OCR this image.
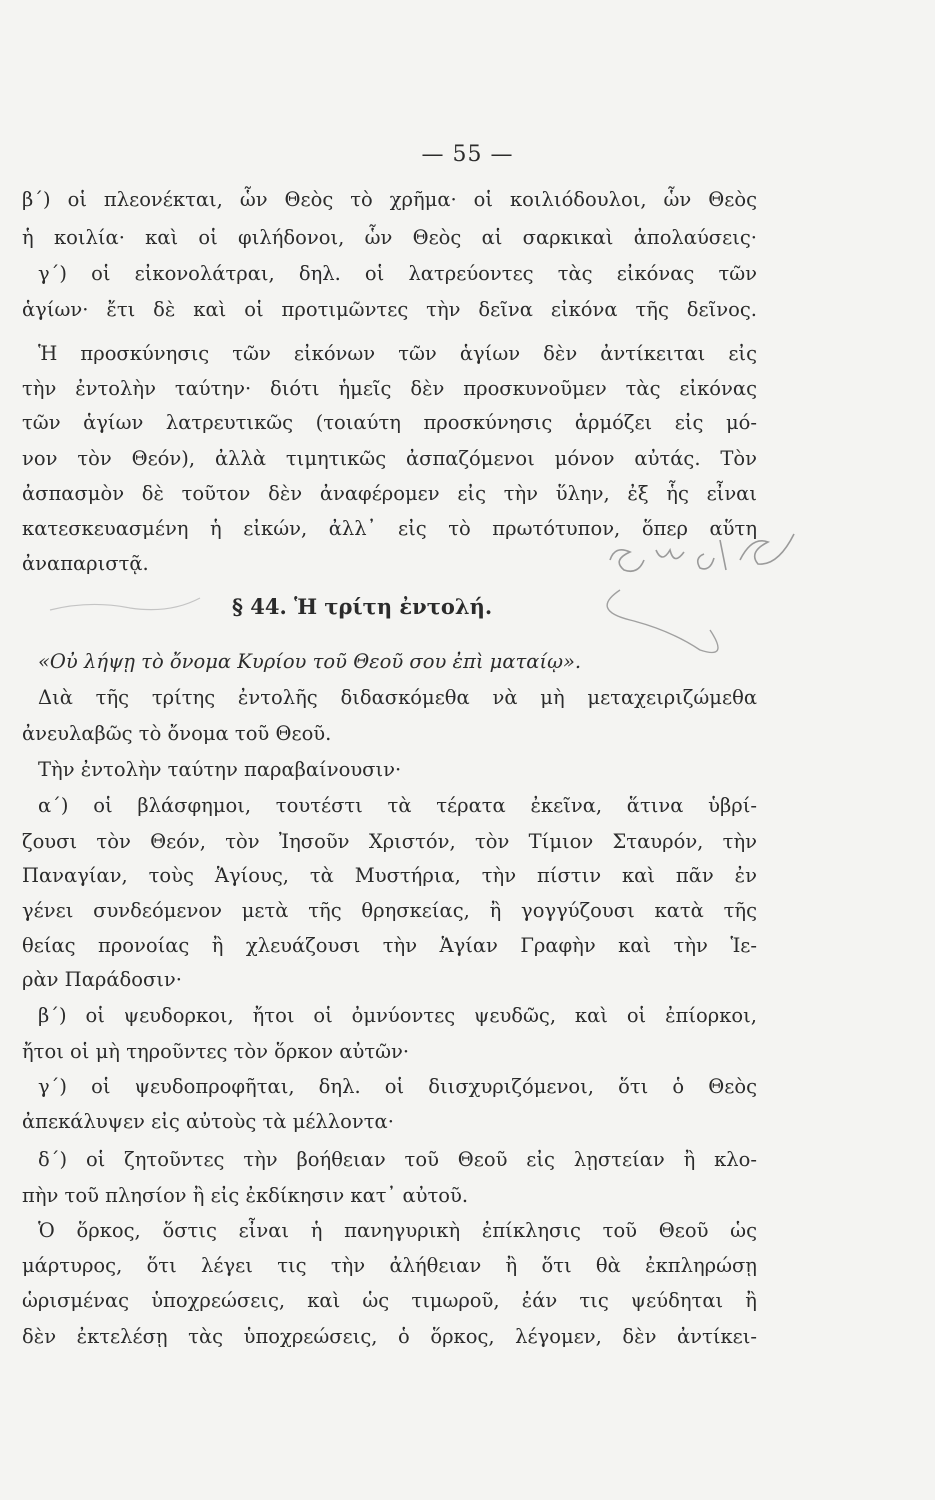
— 55 —
β΄) οἱ πλεονέκται, ὧν Θεὸς τὸ χρῆμα· οἱ κοιλιόδουλοι, ὧν Θεὸς
ἡ κοιλία· καὶ οἱ φιλήδονοι, ὧν Θεὸς αἱ σαρκικαὶ ἀπολαύσεις·
γ΄) οἱ εἰκονολάτραι, δηλ. οἱ λατρεύοντες τὰς εἰκόνας τῶν
ἁγίων· ἔτι δὲ καὶ οἱ προτιμῶντες τὴν δεῖνα εἰκόνα τῆς δεῖνος.
Ἡ προσκύνησις τῶν εἰκόνων τῶν ἁγίων δὲν ἀντίκειται εἰς
τὴν ἐντολὴν ταύτην· διότι ἡμεῖς δὲν προσκυνοῦμεν τὰς εἰκόνας
τῶν ἁγίων λατρευτικῶς (τοιαύτη προσκύνησις ἁρμόζει εἰς μό-
νον τὸν Θεόν), ἀλλὰ τιμητικῶς ἀσπαζόμενοι μόνον αὐτάς. Τὸν
ἀσπασμὸν δὲ τοῦτον δὲν ἀναφέρομεν εἰς τὴν ὕλην, ἐξ ἧς εἶναι
κατεσκευασμένη ἡ εἰκών, ἀλλ᾽ εἰς τὸ πρωτότυπον, ὅπερ αὕτη
ἀναπαριστᾷ.
§ 44. Ἡ τρίτη ἐντολή.
«Οὐ λήψῃ τὸ ὄνομα Κυρίου τοῦ Θεοῦ σου ἐπὶ ματαίῳ».
Διὰ τῆς τρίτης ἐντολῆς διδασκόμεθα νὰ μὴ μεταχειριζώμεθα
ἀνευλαβῶς τὸ ὄνομα τοῦ Θεοῦ.
Τὴν ἐντολὴν ταύτην παραβαίνουσιν·
α΄) οἱ βλάσφημοι, τουτέστι τὰ τέρατα ἐκεῖνα, ἅτινα ὑβρί-
ζουσι τὸν Θεόν, τὸν Ἰησοῦν Χριστόν, τὸν Τίμιον Σταυρόν, τὴν
Παναγίαν, τοὺς Ἁγίους, τὰ Μυστήρια, τὴν πίστιν καὶ πᾶν ἐν
γένει συνδεόμενον μετὰ τῆς θρησκείας, ἢ γογγύζουσι κατὰ τῆς
θείας προνοίας ἢ χλευάζουσι τὴν Ἁγίαν Γραφὴν καὶ τὴν Ἱε-
ρὰν Παράδοσιν·
β΄) οἱ ψευδορκοι, ἤτοι οἱ ὀμνύοντες ψευδῶς, καὶ οἱ ἐπίορκοι,
ἤτοι οἱ μὴ τηροῦντες τὸν ὅρκον αὐτῶν·
γ΄) οἱ ψευδοπροφῆται, δηλ. οἱ διισχυριζόμενοι, ὅτι ὁ Θεὸς
ἀπεκάλυψεν εἰς αὐτοὺς τὰ μέλλοντα·
δ΄) οἱ ζητοῦντες τὴν βοήθειαν τοῦ Θεοῦ εἰς λῃστείαν ἢ κλο-
πὴν τοῦ πλησίον ἢ εἰς ἐκδίκησιν κατ᾽ αὐτοῦ.
Ὁ ὅρκος, ὅστις εἶναι ἡ πανηγυρικὴ ἐπίκλησις τοῦ Θεοῦ ὡς
μάρτυρος, ὅτι λέγει τις τὴν ἀλήθειαν ἢ ὅτι θὰ ἐκπληρώσῃ
ὡρισμένας ὑποχρεώσεις, καὶ ὡς τιμωροῦ, ἐάν τις ψεύδηται ἢ
δὲν ἐκτελέσῃ τὰς ὑποχρεώσεις, ὁ ὅρκος, λέγομεν, δὲν ἀντίκει-
